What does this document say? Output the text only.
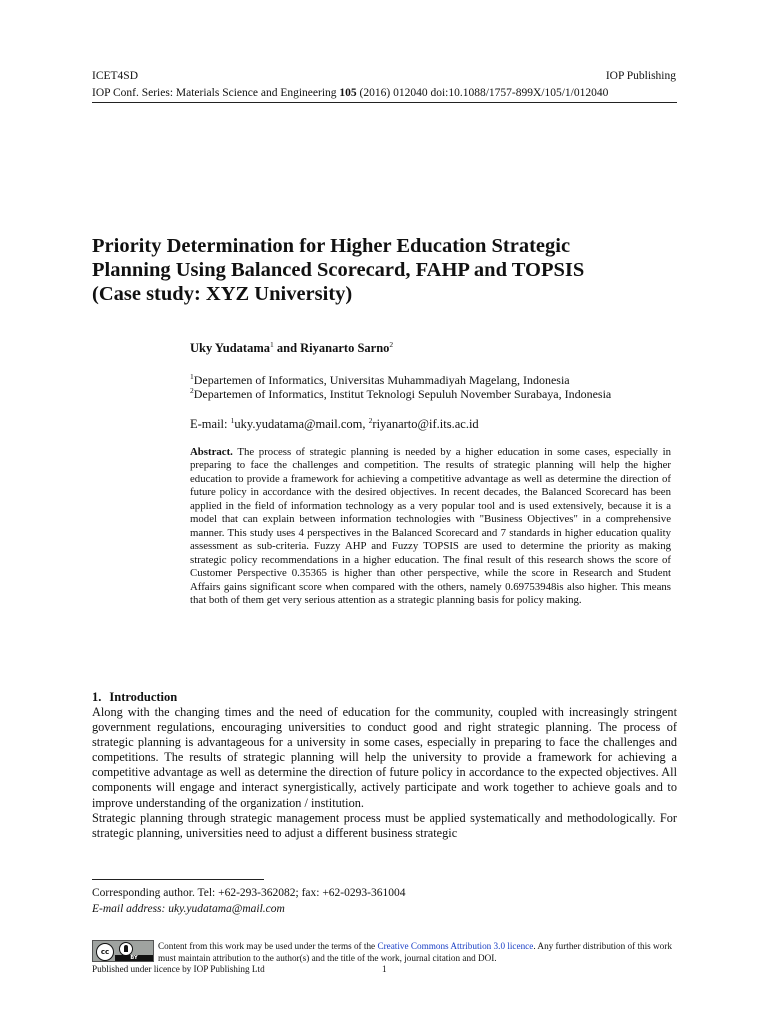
ICET4SD	IOP Publishing
IOP Conf. Series: Materials Science and Engineering 105 (2016) 012040 doi:10.1088/1757-899X/105/1/012040
Priority Determination for Higher Education Strategic
Planning Using Balanced Scorecard, FAHP and TOPSIS
(Case study: XYZ University)
Uky Yudatama$^1$ and Riyanarto Sarno$^2$
$^1$Departemen of Informatics, Universitas Muhammadiyah Magelang, Indonesia
$^2$Departemen of Informatics, Institut Teknologi Sepuluh November Surabaya, Indonesia
E-mail: $^1$uky.yudatama@mail.com, $^2$riyanarto@if.its.ac.id
Abstract. The process of strategic planning is needed by a higher education in some cases, especially in preparing to face the challenges and competition. The results of strategic planning will help the higher education to provide a framework for achieving a competitive advantage as well as determine the direction of future policy in accordance with the desired objectives. In recent decades, the Balanced Scorecard has been applied in the field of information technology as a very popular tool and is used extensively, because it is a model that can explain between information technologies with "Business Objectives" in a comprehensive manner. This study uses 4 perspectives in the Balanced Scorecard and 7 standards in higher education quality assessment as sub-criteria. Fuzzy AHP and Fuzzy TOPSIS are used to determine the priority as making strategic policy recommendations in a higher education. The final result of this research shows the score of Customer Perspective 0.35365 is higher than other perspective, while the score in Research and Student Affairs gains significant score when compared with the others, namely 0.69753948is also higher. This means that both of them get very serious attention as a strategic planning basis for policy making.
1. Introduction

Along with the changing times and the need of education for the community, coupled with increasingly stringent government regulations, encouraging universities to conduct good and right strategic planning. The process of strategic planning is advantageous for a university in some cases, especially in preparing to face the challenges and competitions. The results of strategic planning will help the university to provide a framework for achieving a competitive advantage as well as determine the direction of future policy in accordance to the expected objectives. All components will engage and interact synergistically, actively participate and work together to achieve goals and to improve understanding of the organization / institution.

Strategic planning through strategic management process must be applied systematically and methodologically. For strategic planning, universities need to adjust a different business strategic

Corresponding author. Tel: +62-293-362082; fax: +62-0293-361004
E-mail address: uky.yudatama@mail.com
cc
BY
Content from this work may be used under the terms of the Creative Commons Attribution 3.0 licence. Any further distribution of this work must maintain attribution to the author(s) and the title of the work, journal citation and DOI.
Published under licence by IOP Publishing Ltd	1
